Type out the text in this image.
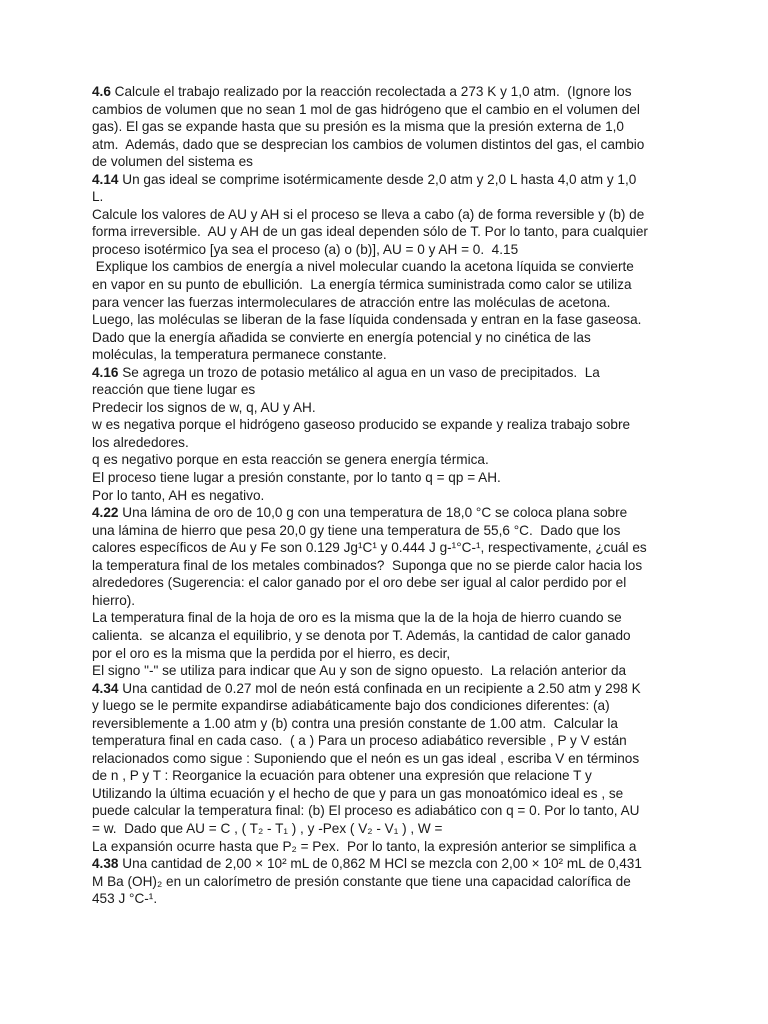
4.6 Calcule el trabajo realizado por la reacción recolectada a 273 K y 1,0 atm.  (Ignore los
cambios de volumen que no sean 1 mol de gas hidrógeno que el cambio en el volumen del
gas). El gas se expande hasta que su presión es la misma que la presión externa de 1,0
atm.  Además, dado que se desprecian los cambios de volumen distintos del gas, el cambio
de volumen del sistema es
4.14 Un gas ideal se comprime isotérmicamente desde 2,0 atm y 2,0 L hasta 4,0 atm y 1,0
L.
Calcule los valores de AU y AH si el proceso se lleva a cabo (a) de forma reversible y (b) de
forma irreversible.  AU y AH de un gas ideal dependen sólo de T. Por lo tanto, para cualquier
proceso isotérmico [ya sea el proceso (a) o (b)], AU = 0 y AH = 0.  4.15
Explique los cambios de energía a nivel molecular cuando la acetona líquida se convierte
en vapor en su punto de ebullición.  La energía térmica suministrada como calor se utiliza
para vencer las fuerzas intermoleculares de atracción entre las moléculas de acetona.
Luego, las moléculas se liberan de la fase líquida condensada y entran en la fase gaseosa.
Dado que la energía añadida se convierte en energía potencial y no cinética de las
moléculas, la temperatura permanece constante.
4.16 Se agrega un trozo de potasio metálico al agua en un vaso de precipitados.  La
reacción que tiene lugar es
Predecir los signos de w, q, AU y AH.
w es negativa porque el hidrógeno gaseoso producido se expande y realiza trabajo sobre
los alrededores.
q es negativo porque en esta reacción se genera energía térmica.
El proceso tiene lugar a presión constante, por lo tanto q = qp = AH.
Por lo tanto, AH es negativo.
4.22 Una lámina de oro de 10,0 g con una temperatura de 18,0 °C se coloca plana sobre
una lámina de hierro que pesa 20,0 gy tiene una temperatura de 55,6 °C.  Dado que los
calores específicos de Au y Fe son 0.129 Jg¹C¹ y 0.444 J g-¹°C-¹, respectivamente, ¿cuál es
la temperatura final de los metales combinados?  Suponga que no se pierde calor hacia los
alrededores (Sugerencia: el calor ganado por el oro debe ser igual al calor perdido por el
hierro).
La temperatura final de la hoja de oro es la misma que la de la hoja de hierro cuando se
calienta.  se alcanza el equilibrio, y se denota por T. Además, la cantidad de calor ganado
por el oro es la misma que la perdida por el hierro, es decir,
El signo "-" se utiliza para indicar que Au y son de signo opuesto.  La relación anterior da
4.34 Una cantidad de 0.27 mol de neón está confinada en un recipiente a 2.50 atm y 298 K
y luego se le permite expandirse adiabáticamente bajo dos condiciones diferentes: (a)
reversiblemente a 1.00 atm y (b) contra una presión constante de 1.00 atm.  Calcular la
temperatura final en cada caso.  ( a ) Para un proceso adiabático reversible , P y V están
relacionados como sigue : Suponiendo que el neón es un gas ideal , escriba V en términos
de n , P y T : Reorganice la ecuación para obtener una expresión que relacione T y
Utilizando la última ecuación y el hecho de que y para un gas monoatómico ideal es , se
puede calcular la temperatura final: (b) El proceso es adiabático con q = 0. Por lo tanto, AU
= w.  Dado que AU = C , ( T₂ - T₁ ) , y -Pex ( V₂ - V₁ ) , W =
La expansión ocurre hasta que P₂ = Pex.  Por lo tanto, la expresión anterior se simplifica a
4.38 Una cantidad de 2,00 × 10² mL de 0,862 M HCl se mezcla con 2,00 × 10² mL de 0,431
M Ba (OH)₂ en un calorímetro de presión constante que tiene una capacidad calorífica de
453 J °C-¹.
